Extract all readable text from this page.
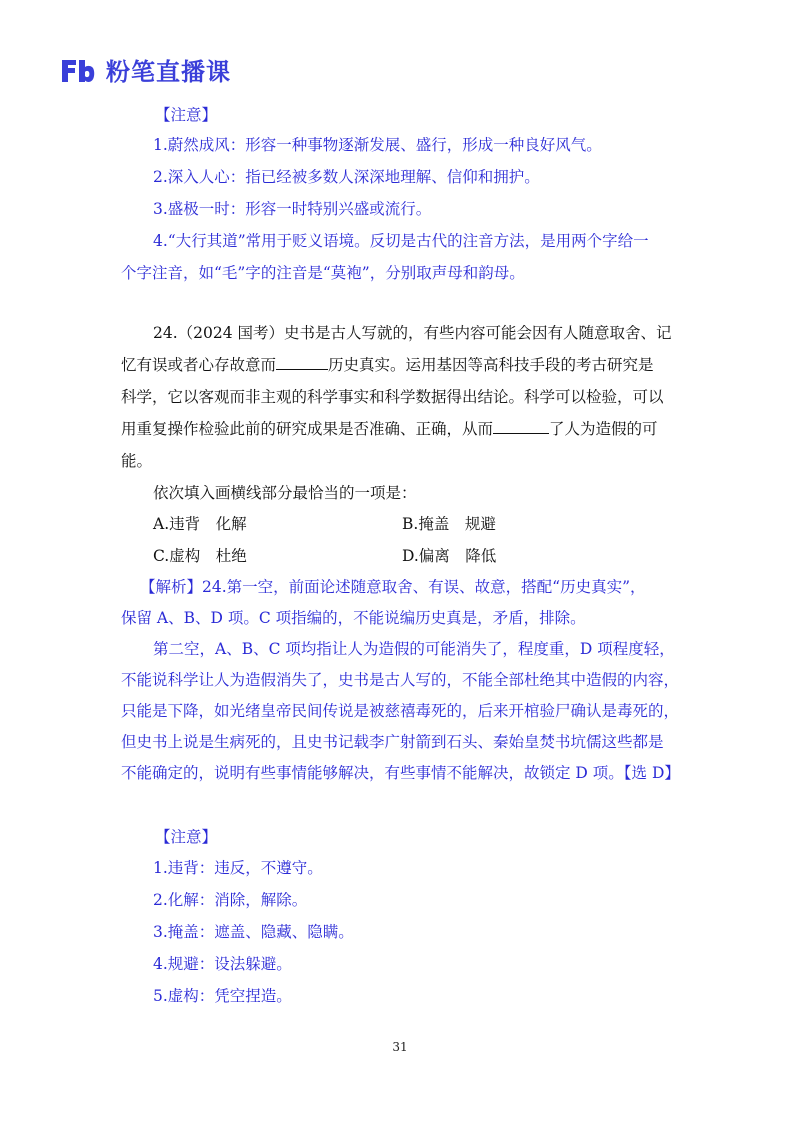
粉笔直播课
【注意】
1.蔚然成风：形容一种事物逐渐发展、盛行，形成一种良好风气。
2.深入人心：指已经被多数人深深地理解、信仰和拥护。
3.盛极一时：形容一时特别兴盛或流行。
4.“大行其道”常用于贬义语境。反切是古代的注音方法，是用两个字给一
个字注音，如“毛”字的注音是“莫袍”，分别取声母和韵母。
24.（2024 国考）史书是古人写就的，有些内容可能会因有人随意取舍、记
忆有误或者心存故意而	历史真实。运用基因等高科技手段的考古研究是
科学，它以客观而非主观的科学事实和科学数据得出结论。科学可以检验，可以
用重复操作检验此前的研究成果是否准确、正确，从而	了人为造假的可
能。
依次填入画横线部分最恰当的一项是：
A.违背　化解	B.掩盖　规避
C.虚构　杜绝	D.偏离　降低
【解析】24.第一空，前面论述随意取舍、有误、故意，搭配“历史真实”，
保留 A、B、D 项。C 项指编的，不能说编历史真是，矛盾，排除。
第二空，A、B、C 项均指让人为造假的可能消失了，程度重，D 项程度轻，
不能说科学让人为造假消失了，史书是古人写的，不能全部杜绝其中造假的内容，
只能是下降，如光绪皇帝民间传说是被慈禧毒死的，后来开棺验尸确认是毒死的，
但史书上说是生病死的，且史书记载李广射箭到石头、秦始皇焚书坑儒这些都是
不能确定的，说明有些事情能够解决，有些事情不能解决，故锁定 D 项。【选 D】
【注意】
1.违背：违反，不遵守。
2.化解：消除，解除。
3.掩盖：遮盖、隐藏、隐瞒。
4.规避：设法躲避。
5.虚构：凭空捏造。
31
